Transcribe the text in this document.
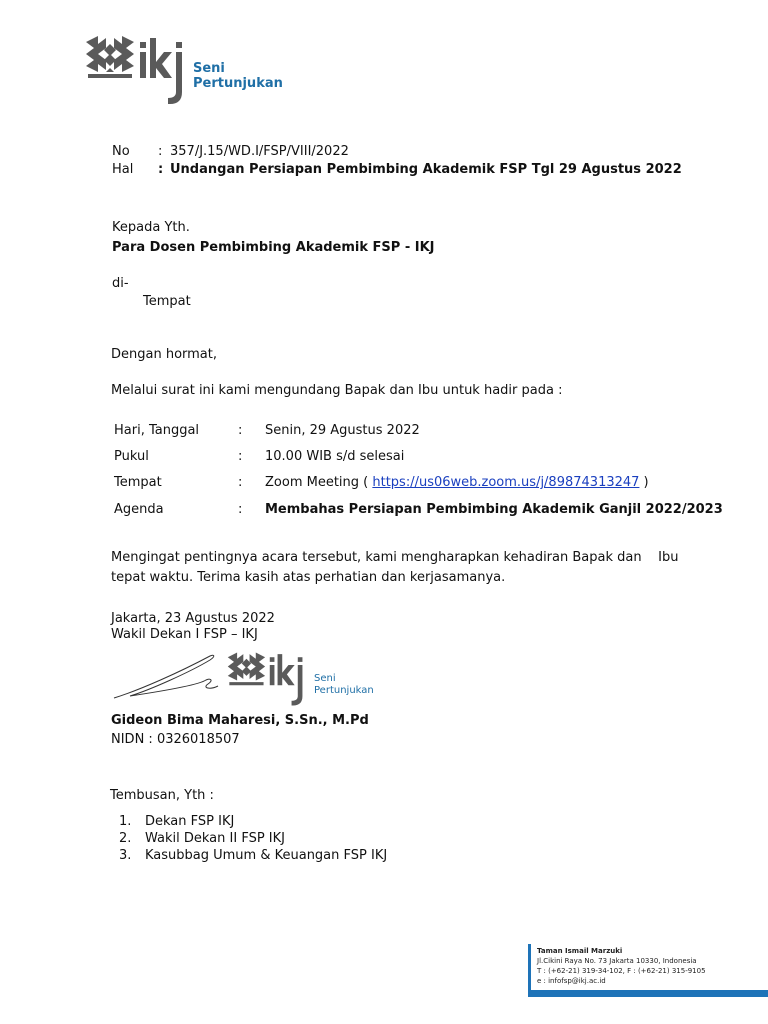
Seni
Pertunjukan
No : 357/J.15/WD.I/FSP/VIII/2022
Hal : Undangan Persiapan Pembimbing Akademik FSP Tgl 29 Agustus 2022
Kepada Yth.
Para Dosen Pembimbing Akademik FSP - IKJ
di-
Tempat
Dengan hormat,
Melalui surat ini kami mengundang Bapak dan Ibu untuk hadir pada :
Hari, Tanggal	: Senin, 29 Agustus 2022
Pukul	: 10.00 WIB s/d selesai
Tempat	: Zoom Meeting ( https://us06web.zoom.us/j/89874313247 )
Agenda	: Membahas Persiapan Pembimbing Akademik Ganjil 2022/2023
Mengingat pentingnya acara tersebut, kami mengharapkan kehadiran Bapak dan    Ibu
tepat waktu. Terima kasih atas perhatian dan kerjasamanya.
Jakarta, 23 Agustus 2022
Wakil Dekan I FSP – IKJ
Seni
Pertunjukan
Gideon Bima Maharesi, S.Sn., M.Pd
NIDN : 0326018507
Tembusan, Yth :
1. Dekan FSP IKJ
2. Wakil Dekan II FSP IKJ
3. Kasubbag Umum & Keuangan FSP IKJ
Taman Ismail Marzuki
Jl.Cikini Raya No. 73 Jakarta 10330, Indonesia
T : (+62-21) 319-34-102, F : (+62-21) 315-9105
e : infofsp@ikj.ac.id
